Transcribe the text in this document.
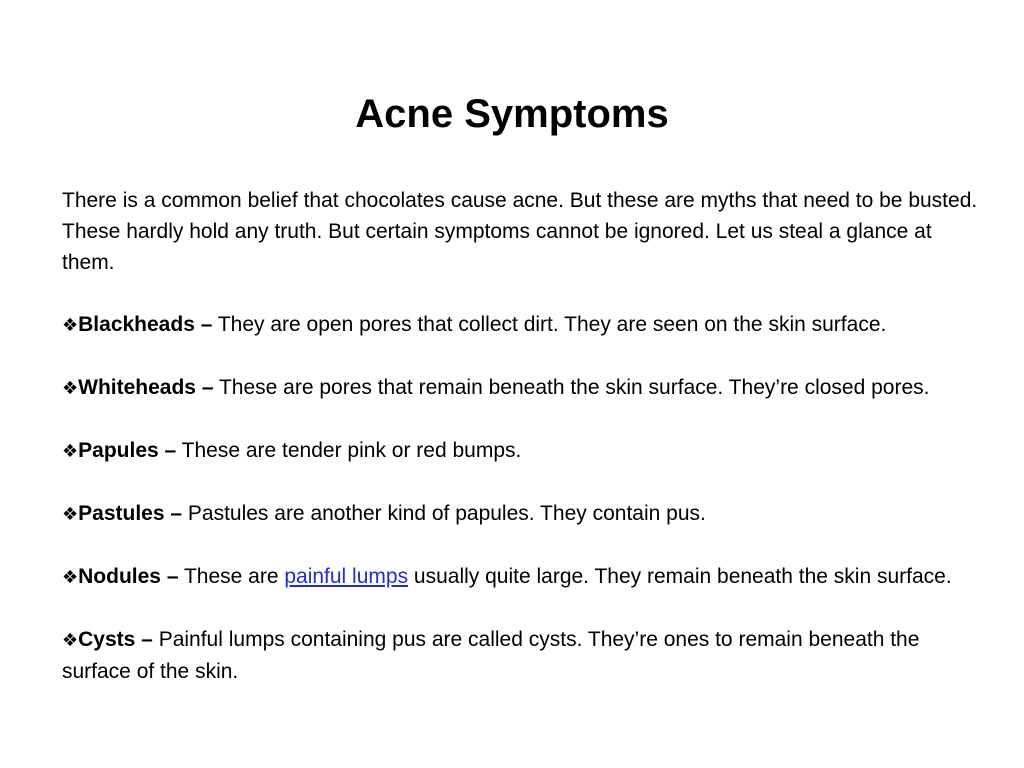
Acne Symptoms

There is a common belief that chocolates cause acne. But these are myths that need to be busted. These hardly hold any truth. But certain symptoms cannot be ignored. Let us steal a glance at them.

❖Blackheads – They are open pores that collect dirt. They are seen on the skin surface.
❖Whiteheads – These are pores that remain beneath the skin surface. They’re closed pores.
❖Papules – These are tender pink or red bumps.
❖Pastules – Pastules are another kind of papules. They contain pus.
❖Nodules – These are painful lumps usually quite large. They remain beneath the skin surface.
❖Cysts – Painful lumps containing pus are called cysts. They’re ones to remain beneath the surface of the skin.
